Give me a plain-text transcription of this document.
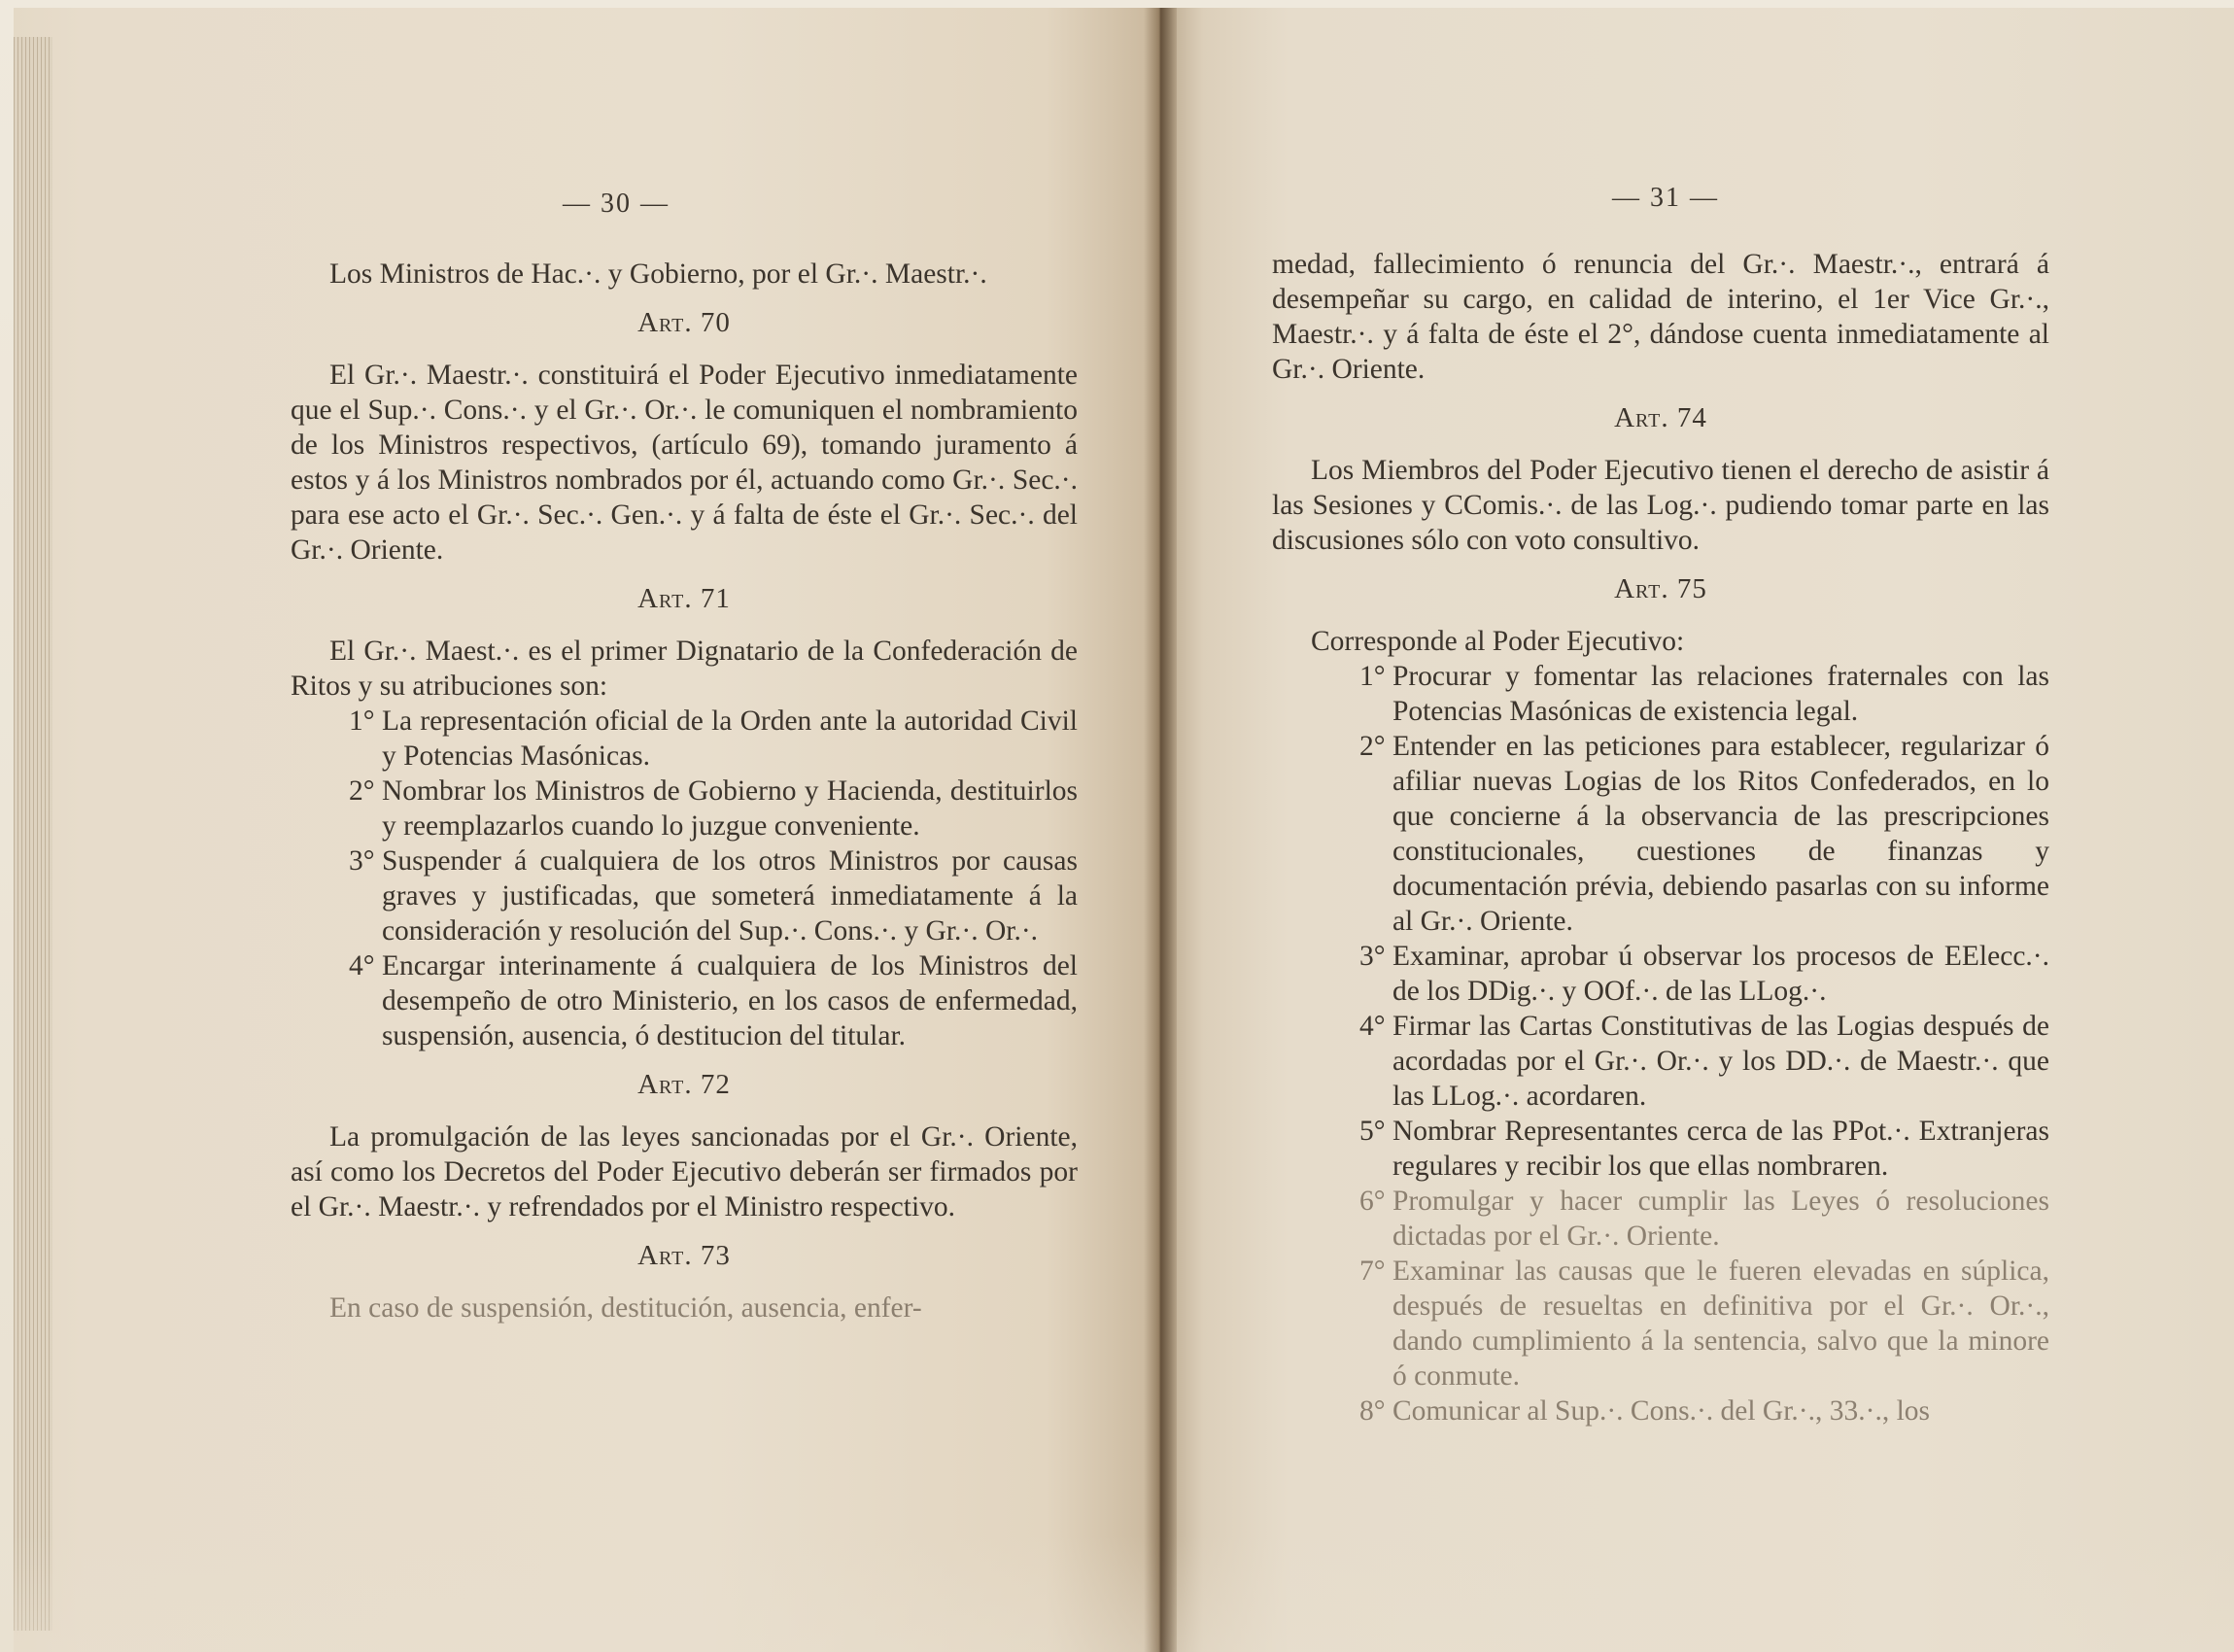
— 30 —

Los Ministros de Hac.·. y Gobierno, por el Gr.·. Maestr.·.

Art. 70

El Gr.·. Maestr.·. constituirá el Poder Ejecutivo inmediatamente que el Sup.·. Cons.·. y el Gr.·. Or.·. le comuniquen el nombramiento de los Ministros respectivos, (artículo 69), tomando juramento á estos y á los Ministros nombrados por él, actuando como Gr.·. Sec.·. para ese acto el Gr.·. Sec.·. Gen.·. y á falta de éste el Gr.·. Sec.·. del Gr.·. Oriente.

Art. 71

El Gr.·. Maest.·. es el primer Dignatario de la Confederación de Ritos y su atribuciones son:

1°
La representación oficial de la Orden ante la autoridad Civil y Potencias Masónicas.
2°
Nombrar los Ministros de Gobierno y Hacienda, destituirlos y reemplazarlos cuando lo juzgue conveniente.
3°
Suspender á cualquiera de los otros Ministros por causas graves y justificadas, que someterá inmediatamente á la consideración y resolución del Sup.·. Cons.·. y Gr.·. Or.·.
4°
Encargar interinamente á cualquiera de los Ministros del desempeño de otro Ministerio, en los casos de enfermedad, suspensión, ausencia, ó destitucion del titular.
Art. 72

La promulgación de las leyes sancionadas por el Gr.·. Oriente, así como los Decretos del Poder Ejecutivo deberán ser firmados por el Gr.·. Maestr.·. y refrendados por el Ministro respectivo.

Art. 73

En caso de suspensión, destitución, ausencia, enfer-

— 31 —

medad, fallecimiento ó renuncia del Gr.·. Maestr.·., entrará á desempeñar su cargo, en calidad de interino, el 1er Vice Gr.·., Maestr.·. y á falta de éste el 2°, dándose cuenta inmediatamente al Gr.·. Oriente.

Art. 74

Los Miembros del Poder Ejecutivo tienen el derecho de asistir á las Sesiones y CComis.·. de las Log.·. pudiendo tomar parte en las discusiones sólo con voto consultivo.

Art. 75

Corresponde al Poder Ejecutivo:

1°
Procurar y fomentar las relaciones fraternales con las Potencias Masónicas de existencia legal.
2°
Entender en las peticiones para establecer, regularizar ó afiliar nuevas Logias de los Ritos Confederados, en lo que concierne á la observancia de las prescripciones constitucionales, cuestiones de finanzas y documentación prévia, debiendo pasarlas con su informe al Gr.·. Oriente.
3°
Examinar, aprobar ú observar los procesos de EElecc.·. de los DDig.·. y OOf.·. de las LLog.·.
4°
Firmar las Cartas Constitutivas de las Logias después de acordadas por el Gr.·. Or.·. y los DD.·. de Maestr.·. que las LLog.·. acordaren.
5°
Nombrar Representantes cerca de las PPot.·. Extranjeras regulares y recibir los que ellas nombraren.
6°
Promulgar y hacer cumplir las Leyes ó resoluciones dictadas por el Gr.·. Oriente.
7°
Examinar las causas que le fueren elevadas en súplica, después de resueltas en definitiva por el Gr.·. Or.·., dando cumplimiento á la sentencia, salvo que la minore ó conmute.
8°
Comunicar al Sup.·. Cons.·. del Gr.·., 33.·., los
